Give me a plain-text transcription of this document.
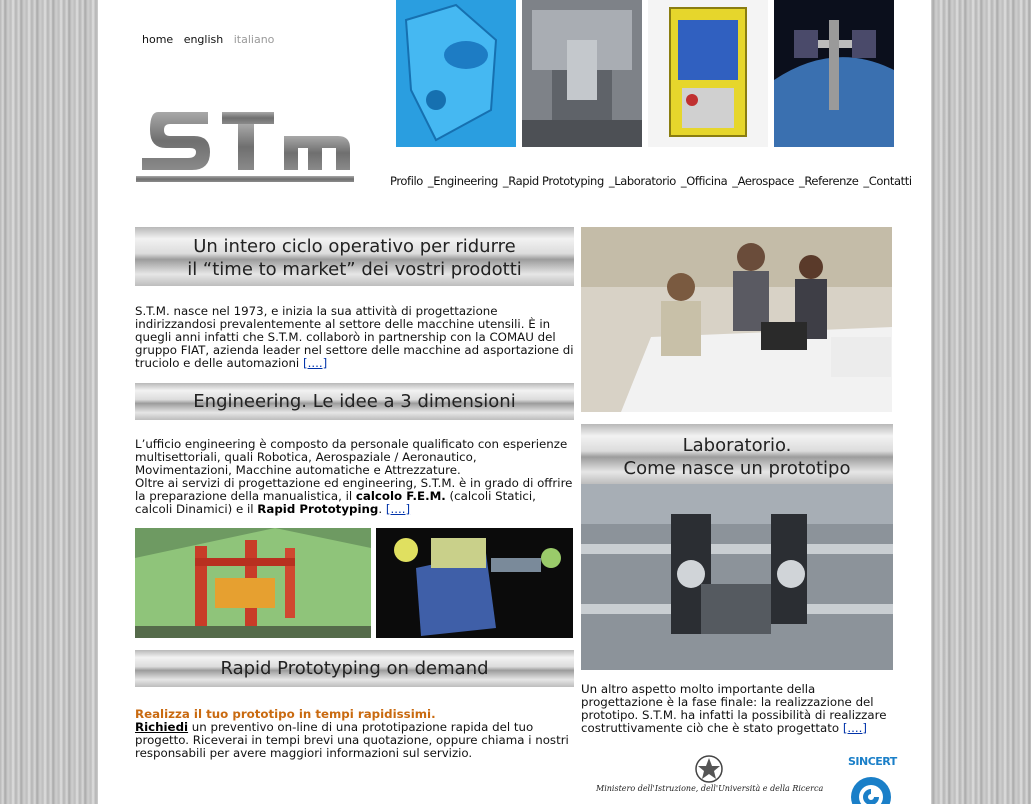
home english italiano
Profilo _Engineering _Rapid Prototyping _Laboratorio _Officina _Aerospace _Referenze _Contatti
Un intero ciclo operativo per ridurre
il “time to market” dei vostri prodotti
S.T.M. nasce nel 1973, e inizia la sua attività di progettazione indirizzandosi prevalentemente al settore delle macchine utensili. È in quegli anni infatti che S.T.M. collaborò in partnership con la COMAU del gruppo FIAT, azienda leader nel settore delle macchine ad asportazione di truciolo e delle automazioni [....]
Engineering. Le idee a 3 dimensioni
L’ufficio engineering è composto da personale qualificato con esperienze multisettoriali, quali Robotica, Aerospaziale / Aeronautico, Movimentazioni, Macchine automatiche e Attrezzature.
Oltre ai servizi di progettazione ed engineering, S.T.M. è in grado di offrire la preparazione della manualistica, il calcolo F.E.M. (calcoli Statici, calcoli Dinamici) e il Rapid Prototyping. [....]
Rapid Prototyping on demand
Realizza il tuo prototipo in tempi rapidissimi.
Richiedi un preventivo on-line di una prototipazione rapida del tuo progetto. Riceverai in tempi brevi una quotazione, oppure chiama i nostri responsabili per avere maggiori informazioni sul servizio.
Laboratorio.
Come nasce un prototipo
Un altro aspetto molto importante della progettazione è la fase finale: la realizzazione del prototipo. S.T.M. ha infatti la possibilità di realizzare costruttivamente ciò che è stato progettato [....]
Ministero dell'Istruzione, dell'Università e della Ricerca
SINCERT
